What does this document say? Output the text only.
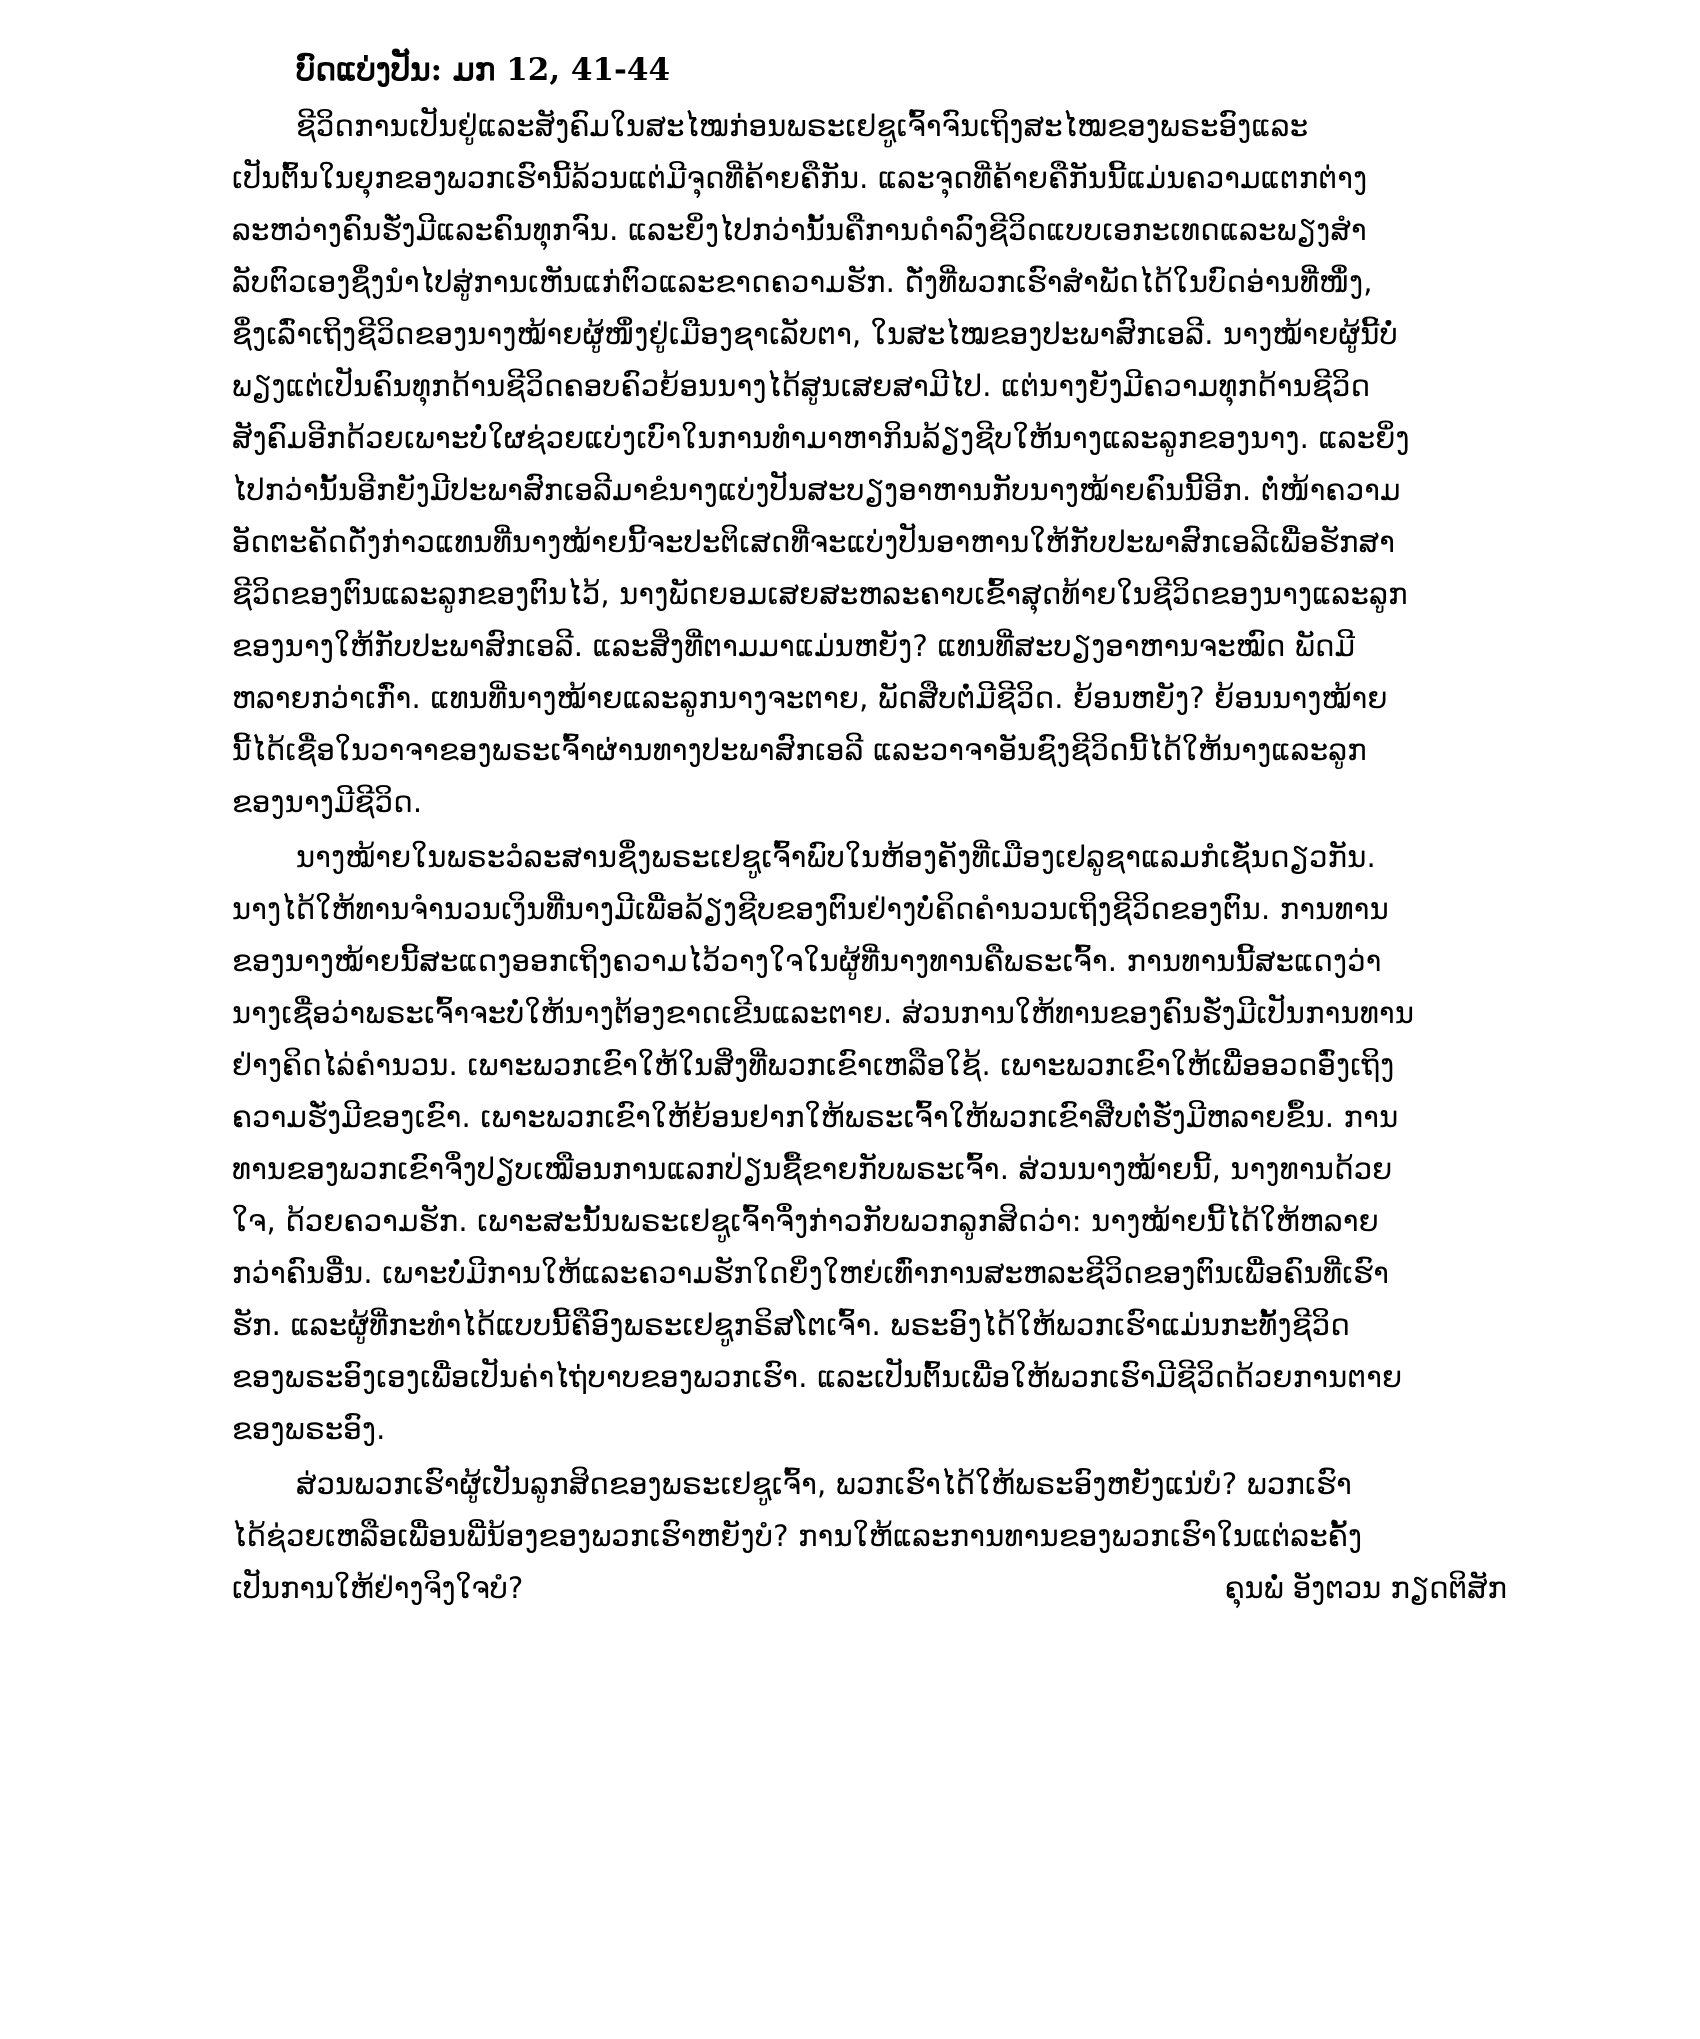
ບົດແບ່ງປັນ: ມກ 12, 41-44
ຊີວິດການເປັນຢູ່ແລະສັງຄົມໃນສະໄໝກ່ອນພຣະເຢຊູເຈົ້າຈົນເຖິງສະໄໝຂອງພຣະອົງແລະ
ເປັນຕົ້ນໃນຍຸກຂອງພວກເຮົານີ້ລ້ວນແຕ່ມີຈຸດທີ່ຄ້າຍຄືກັນ. ແລະຈຸດທີ່ຄ້າຍຄືກັນນີ້ແມ່ນຄວາມແຕກຕ່າງ
ລະຫວ່າງຄົນຮັ່ງມີແລະຄົນທຸກຈົນ. ແລະຍິ່ງໄປກວ່ານັ້ນຄືການດໍາລົງຊີວິດແບບເອກະເທດແລະພຽງສໍາ
ລັບຕົວເອງຊຶ່ງນໍາໄປສູ່ການເຫັນແກ່ຕົວແລະຂາດຄວາມຮັກ. ດັ່ງທີ່ພວກເຮົາສໍາພັດໄດ້ໃນບົດອ່ານທີ່ໜຶ່ງ,
ຊຶ່ງເລົ່າເຖິງຊີວິດຂອງນາງໝ້າຍຜູ້ໜຶ່ງຢູ່ເມືອງຊາເລັບຕາ, ໃນສະໄໝຂອງປະພາສົກເອລີ. ນາງໝ້າຍຜູ້ນີ້ບໍ່
ພຽງແຕ່ເປັນຄົນທຸກດ້ານຊີວິດຄອບຄົວຍ້ອນນາງໄດ້ສູນເສຍສາມີໄປ. ແຕ່ນາງຍັງມີຄວາມທຸກດ້ານຊີວິດ
ສັງຄົມອີກດ້ວຍເພາະບໍ່ໃຜຊ່ວຍແບ່ງເບົາໃນການທໍາມາຫາກິນລ້ຽງຊີບໃຫ້ນາງແລະລູກຂອງນາງ. ແລະຍິ່ງ
ໄປກວ່ານັ້ນອີກຍັງມີປະພາສົກເອລີມາຂໍນາງແບ່ງປັນສະບຽງອາຫານກັບນາງໝ້າຍຄົນນີ້ອີກ. ຕໍ່ໜ້າຄວາມ
ອັດຕະຄັດດັ່ງກ່າວແທນທີ່ນາງໝ້າຍນີ້ຈະປະຕິເສດທີ່ຈະແບ່ງປັນອາຫານໃຫ້ກັບປະພາສົກເອລີເພື່ອຮັກສາ
ຊີວິດຂອງຕົນແລະລູກຂອງຕົນໄວ້, ນາງພັດຍອມເສຍສະຫລະຄາບເຂົ້າສຸດທ້າຍໃນຊີວິດຂອງນາງແລະລູກ
ຂອງນາງໃຫ້ກັບປະພາສົກເອລີ. ແລະສິ່ງທີ່ຕາມມາແມ່ນຫຍັງ? ແທນທີ່ສະບຽງອາຫານຈະໝົດ ພັດມີ
ຫລາຍກວ່າເກົ່າ. ແທນທີ່ນາງໝ້າຍແລະລູກນາງຈະຕາຍ, ພັດສືບຕໍ່ມີຊີວິດ. ຍ້ອນຫຍັງ? ຍ້ອນນາງໝ້າຍ
ນີ້ໄດ້ເຊື່ອໃນວາຈາຂອງພຣະເຈົ້າຜ່ານທາງປະພາສົກເອລີ ແລະວາຈາອັນຊົງຊີວິດນີ້ໄດ້ໃຫ້ນາງແລະລູກ
ຂອງນາງມີຊີວິດ.
ນາງໝ້າຍໃນພຣະວໍລະສານຊຶ່ງພຣະເຢຊູເຈົ້າພົບໃນຫ້ອງຄັງທີ່ເມືອງເຢລູຊາແລມກໍເຊັ່ນດຽວກັນ.
ນາງໄດ້ໃຫ້ທານຈໍານວນເງິນທີ່ນາງມີເພື່ອລ້ຽງຊີບຂອງຕົນຢ່າງບໍ່ຄິດຄໍານວນເຖິງຊີວິດຂອງຕົນ. ການທານ
ຂອງນາງໝ້າຍນີ້ສະແດງອອກເຖິງຄວາມໄວ້ວາງໃຈໃນຜູ້ທີ່ນາງທານຄືພຣະເຈົ້າ. ການທານນີ້ສະແດງວ່າ
ນາງເຊື່ອວ່າພຣະເຈົ້າຈະບໍ່ໃຫ້ນາງຕ້ອງຂາດເຂີນແລະຕາຍ. ສ່ວນການໃຫ້ທານຂອງຄົນຮັ່ງມີເປັນການທານ
ຢ່າງຄິດໄລ່ຄໍານວນ. ເພາະພວກເຂົາໃຫ້ໃນສິ່ງທີ່ພວກເຂົາເຫລືອໃຊ້. ເພາະພວກເຂົາໃຫ້ເພື່ອອວດອົ່ງເຖິງ
ຄວາມຮັ່ງມີຂອງເຂົາ. ເພາະພວກເຂົາໃຫ້ຍ້ອນຢາກໃຫ້ພຣະເຈົ້າໃຫ້ພວກເຂົາສືບຕໍ່ຮັ່ງມີຫລາຍຂຶ້ນ. ການ
ທານຂອງພວກເຂົາຈຶ່ງປຽບເໝືອນການແລກປ່ຽນຊື້ຂາຍກັບພຣະເຈົ້າ. ສ່ວນນາງໝ້າຍນີ້, ນາງທານດ້ວຍ
ໃຈ, ດ້ວຍຄວາມຮັກ. ເພາະສະນັ້ນພຣະເຢຊູເຈົ້າຈຶ່ງກ່າວກັບພວກລູກສິດວ່າ: ນາງໝ້າຍນີ້ໄດ້ໃຫ້ຫລາຍ
ກວ່າຄົນອື່ນ. ເພາະບໍ່ມີການໃຫ້ແລະຄວາມຮັກໃດຍິ່ງໃຫຍ່ເທົ່າການສະຫລະຊີວິດຂອງຕົນເພື່ອຄົນທີ່ເຮົາ
ຮັກ. ແລະຜູ້ທີ່ກະທໍາໄດ້ແບບນີ້ຄືອົງພຣະເຢຊູກຣິສໂຕເຈົ້າ. ພຣະອົງໄດ້ໃຫ້ພວກເຮົາແມ່ນກະທັ້ງຊີວິດ
ຂອງພຣະອົງເອງເພື່ອເປັນຄ່າໄຖ່ບາບຂອງພວກເຮົາ. ແລະເປັນຕົ້ນເພື່ອໃຫ້ພວກເຮົາມີຊີວິດດ້ວຍການຕາຍ
ຂອງພຣະອົງ.
ສ່ວນພວກເຮົາຜູ້ເປັນລູກສິດຂອງພຣະເຢຊູເຈົ້າ, ພວກເຮົາໄດ້ໃຫ້ພຣະອົງຫຍັງແນ່ບໍ? ພວກເຮົາ
ໄດ້ຊ່ວຍເຫລືອເພື່ອນພີ່ນ້ອງຂອງພວກເຮົາຫຍັງບໍ? ການໃຫ້ແລະການທານຂອງພວກເຮົາໃນແຕ່ລະຄັ້ງ
ເປັນການໃຫ້ຢ່າງຈິງໃຈບໍ?	ຄຸນພໍ່ ອັງຕວນ ກຽດຕິສັກ
